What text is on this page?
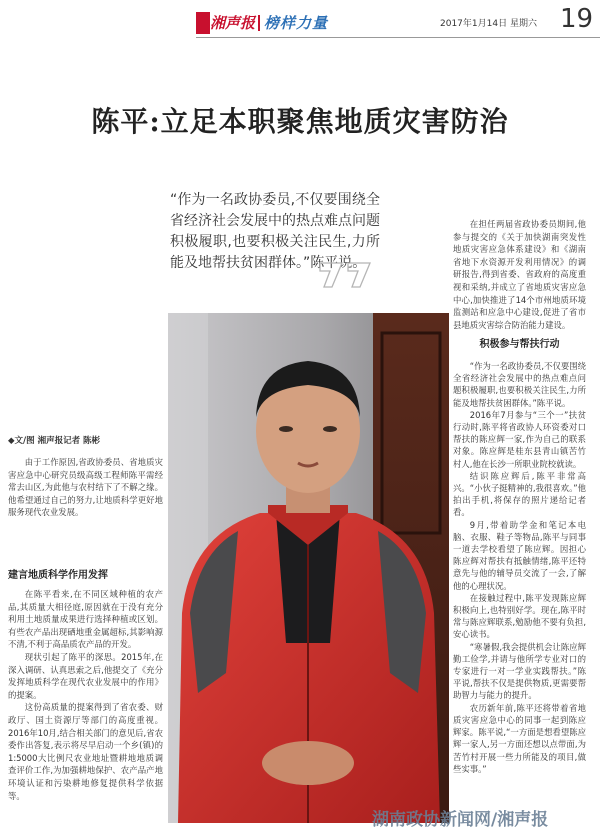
湘声报 榜样力量	2017年1月14日 星期六 19
陈平:立足本职聚焦地质灾害防治
“作为一名政协委员,不仅要围绕全省经济社会发展中的热点难点问题积极履职,也要积极关注民生,力所能及地帮扶贫困群体。”陈平说。

在担任两届省政协委员期间,他参与提交的《关于加快湖南突发性地质灾害应急体系建设》和《湖南省地下水资源开发利用情况》的调研报告,得到省委、省政府的高度重视和采纳,并成立了省地质灾害应急中心,加快推进了14个市州地质环境监测站和应急中心建设,促进了省市县地质灾害综合防治能力建设。

积极参与帮扶行动

“作为一名政协委员,不仅要围绕全省经济社会发展中的热点难点问题积极履职,也要积极关注民生,力所能及地帮扶贫困群体。”陈平说。

2016年7月参与“三个一”扶贫行动时,陈平将省政协人环资委对口帮扶的陈应辉一家,作为自己的联系对象。陈应辉是桂东县青山镇苦竹村人,他在长沙一所职业院校就读。

结识陈应辉后,陈平非常高兴。“小伙子挺精神的,我很喜欢。”他拍出手机,将保存的照片递给记者看。

9月,带着助学金和笔记本电脑、衣服、鞋子等物品,陈平与同事一道去学校看望了陈应辉。因担心陈应辉对帮扶有抵触情绪,陈平还特意先与他的辅导员交流了一会,了解他的心理状况。

在接触过程中,陈平发现陈应辉积极向上,也特别好学。现在,陈平时常与陈应辉联系,勉励他不要有负担,安心读书。

“寒暑假,我会提供机会让陈应辉勤工俭学,并请与他所学专业对口的专家进行一对一学业实践帮扶。”陈平说,帮扶不仅是提供物质,更需要帮助智力与能力的提升。

农历新年前,陈平还将带着省地质灾害应急中心的同事一起到陈应辉家。陈平说,“一方面是想看望陈应辉一家人,另一方面还想以点带面,为苦竹村开展一些力所能及的项目,做些实事。”

◆文/图 湘声报记者 陈彬

由于工作原因,省政协委员、省地质灾害应急中心研究员级高级工程师陈平需经常去山区,为此他与农村结下了不解之缘。他希望通过自己的努力,让地质科学更好地服务现代农业发展。

建言地质科学作用发挥

在陈平看来,在不同区域种植的农产品,其质量大相径庭,原因就在于没有充分利用土地质量成果进行选择种植或区划。有些农产品出现硒地重金属超标,其影响源不清,不利于高品质农产品的开发。

现状引起了陈平的深思。2015年,在深入调研、认真思索之后,他提交了《充分发挥地质科学在现代农业发展中的作用》的提案。

这份高质量的提案得到了省农委、财政厅、国土资源厅等部门的高度重视。2016年10月,结合相关部门的意见后,省农委作出答复,表示将尽早启动一个乡(镇)的1:5000大比例尺农业地址暨耕地地质调查评价工作,为加强耕地保护、农产品产地环境认证和污染耕地修复提供科学依据等。

湖南政协新闻网/湘声报
